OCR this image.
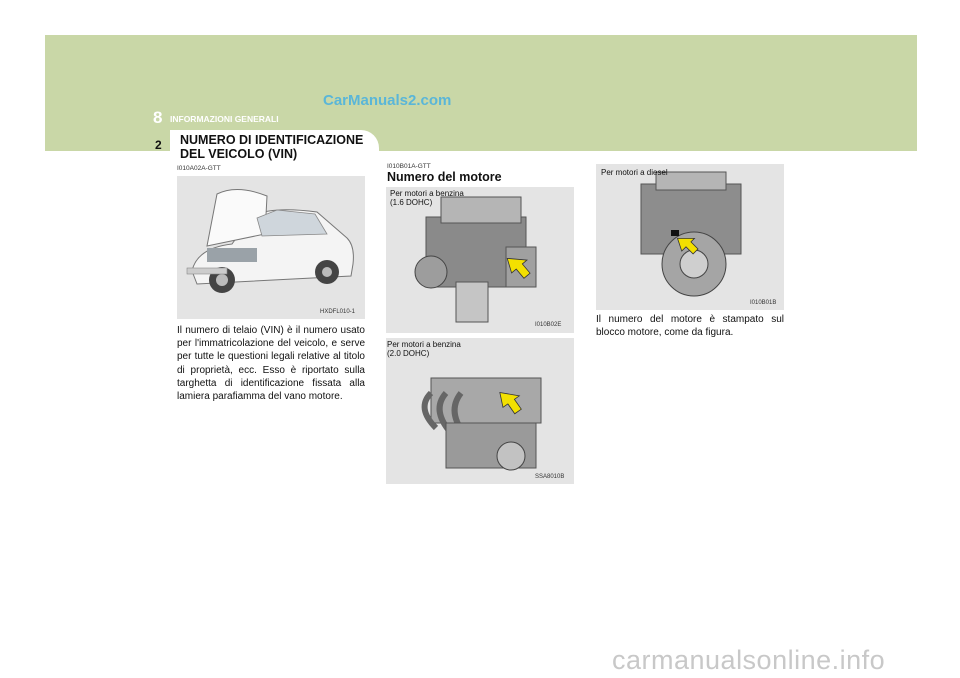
CarManuals2.com
8 INFORMAZIONI GENERALI
2 NUMERO DI IDENTIFICAZIONE
DEL VEICOLO (VIN)
I010A02A-GTT
HXDFL010-1
Il numero di telaio (VIN) è il numero usato per l'immatricolazione del veicolo, e serve per tutte le questioni legali relative al titolo di proprietà, ecc. Esso è riportato sulla targhetta di identificazione fissata alla lamiera parafiamma del vano motore.
I010B01A-GTT
Numero del motore
Per motori a benzina
(1.6 DOHC)
I010B02E
Per motori a benzina
(2.0 DOHC)
SSA8010B
Per motori a diesel
I010B01B
Il numero del motore è stampato sul blocco motore, come da figura.
carmanualsonline.info
